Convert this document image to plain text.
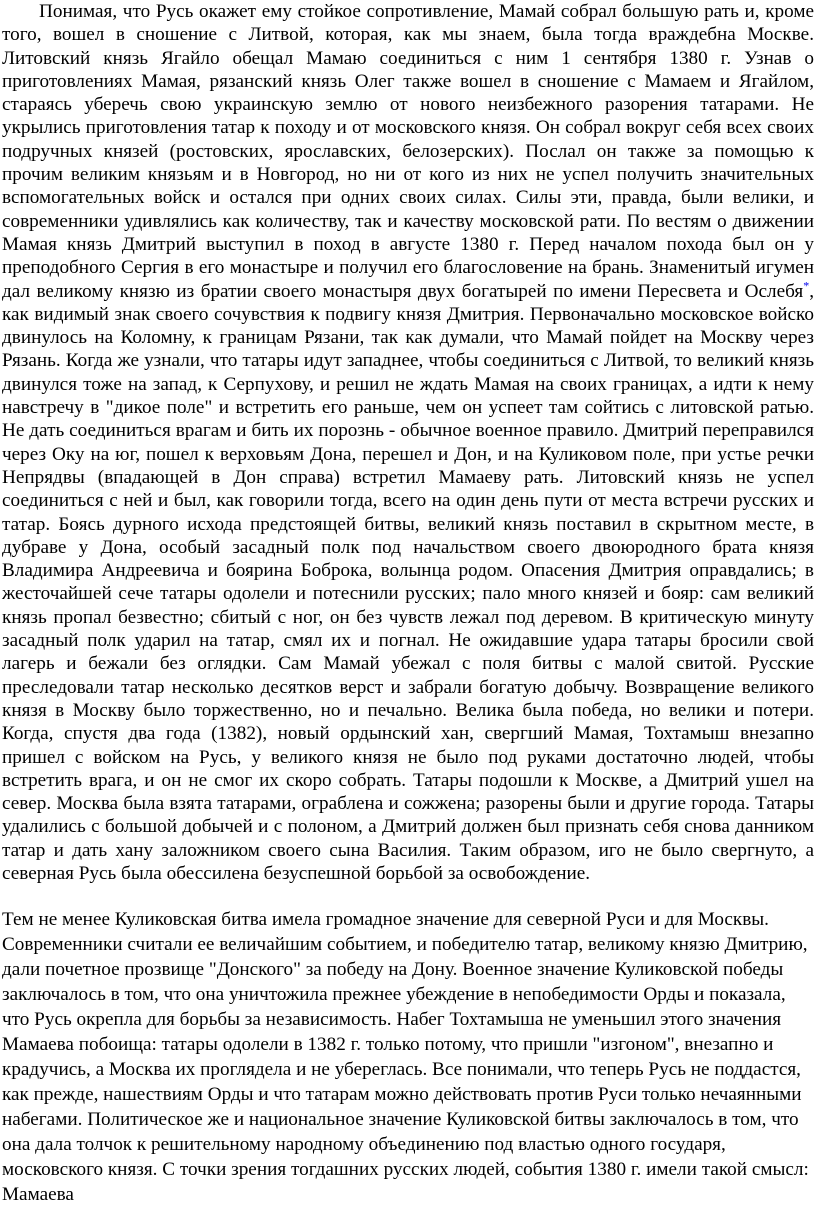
Понимая, что Русь окажет ему стойкое сопротивление, Мамай собрал большую рать и, кроме того, вошел в сношение с Литвой, которая, как мы знаем, была тогда враждебна Москве. Литовский князь Ягайло обещал Мамаю соединиться с ним 1 сентября 1380 г. Узнав о приготовлениях Мамая, рязанский князь Олег также вошел в сношение с Мамаем и Ягайлом, стараясь уберечь свою украинскую землю от нового неизбежного разорения татарами. Не укрылись приготовления татар к походу и от московского князя. Он собрал вокруг себя всех своих подручных князей (ростовских, ярославских, белозерских). Послал он также за помощью к прочим великим князьям и в Новгород, но ни от кого из них не успел получить значительных вспомогательных войск и остался при одних своих силах. Силы эти, правда, были велики, и современники удивлялись как количеству, так и качеству московской рати. По вестям о движении Мамая князь Дмитрий выступил в поход в августе 1380 г. Перед началом похода был он у преподобного Сергия в его монастыре и получил его благословение на брань. Знаменитый игумен дал великому князю из братии своего монастыря двух богатырей по имени Пересвета и Ослебя*, как видимый знак своего сочувствия к подвигу князя Дмитрия. Первоначально московское войско двинулось на Коломну, к границам Рязани, так как думали, что Мамай пойдет на Москву через Рязань. Когда же узнали, что татары идут западнее, чтобы соединиться с Литвой, то великий князь двинулся тоже на запад, к Серпухову, и решил не ждать Мамая на своих границах, а идти к нему навстречу в "дикое поле" и встретить его раньше, чем он успеет там сойтись с литовской ратью. Не дать соединиться врагам и бить их порознь - обычное военное правило. Дмитрий переправился через Оку на юг, пошел к верховьям Дона, перешел и Дон, и на Куликовом поле, при устье речки Непрядвы (впадающей в Дон справа) встретил Мамаеву рать. Литовский князь не успел соединиться с ней и был, как говорили тогда, всего на один день пути от места встречи русских и татар. Боясь дурного исхода предстоящей битвы, великий князь поставил в скрытном месте, в дубраве у Дона, особый засадный полк под начальством своего двоюродного брата князя Владимира Андреевича и боярина Боброка, волынца родом. Опасения Дмитрия оправдались; в жесточайшей сече татары одолели и потеснили русских; пало много князей и бояр: сам великий князь пропал безвестно; сбитый с ног, он без чувств лежал под деревом. В критическую минуту засадный полк ударил на татар, смял их и погнал. Не ожидавшие удара татары бросили свой лагерь и бежали без оглядки. Сам Мамай убежал с поля битвы с малой свитой. Русские преследовали татар несколько десятков верст и забрали богатую добычу. Возвращение великого князя в Москву было торжественно, но и печально. Велика была победа, но велики и потери. Когда, спустя два года (1382), новый ордынский хан, свергший Мамая, Тохтамыш внезапно пришел с войском на Русь, у великого князя не было под руками достаточно людей, чтобы встретить врага, и он не смог их скоро собрать. Татары подошли к Москве, а Дмитрий ушел на север. Москва была взята татарами, ограблена и сожжена; разорены были и другие города. Татары удалились с большой добычей и с полоном, а Дмитрий должен был признать себя снова данником татар и дать хану заложником своего сына Василия. Таким образом, иго не было свергнуто, а северная Русь была обессилена безуспешной борьбой за освобождение.

Тем не менее Куликовская битва имела громадное значение для северной Руси и для Москвы. Современники считали ее величайшим событием, и победителю татар, великому князю Дмитрию, дали почетное прозвище "Донского" за победу на Дону. Военное значение Куликовской победы заключалось в том, что она уничтожила прежнее убеждение в непобедимости Орды и показала, что Русь окрепла для борьбы за независимость. Набег Тохтамыша не уменьшил этого значения Мамаева побоища: татары одолели в 1382 г. только потому, что пришли "изгоном", внезапно и крадучись, а Москва их проглядела и не уберeглась. Все понимали, что теперь Русь не поддастся, как прежде, нашествиям Орды и что татарам можно действовать против Руси только нечаянными набегами. Политическое же и национальное значение Куликовской битвы заключалось в том, что она дала толчок к решительному народному объединению под властью одного государя, московского князя. С точки зрения тогдашних русских людей, события 1380 г. имели такой смысл: Мамаева
